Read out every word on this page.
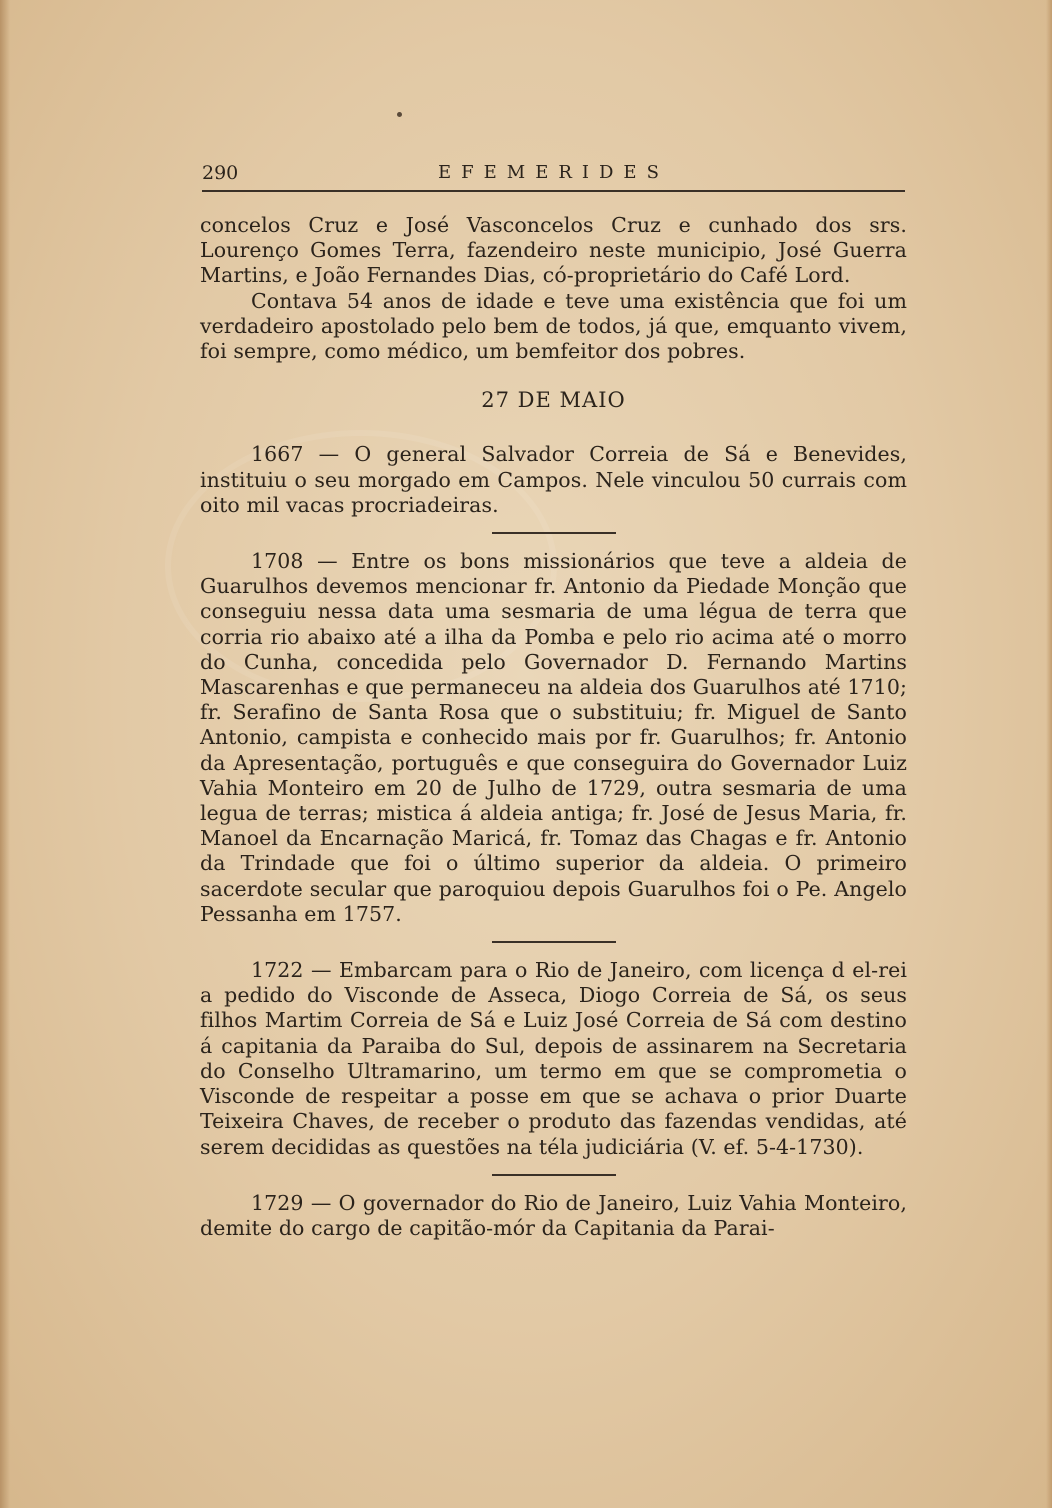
290	EFEMERIDES

concelos Cruz e José Vasconcelos Cruz e cunhado dos srs. Lourenço Gomes Terra, fazendeiro neste municipio, José Guerra Martins, e João Fernandes Dias, có-proprietário do Café Lord.

Contava 54 anos de idade e teve uma existência que foi um verdadeiro apostolado pelo bem de todos, já que, emquanto vivem, foi sempre, como médico, um bemfeitor dos pobres.

27 DE MAIO

1667 — O general Salvador Correia de Sá e Benevides, instituiu o seu morgado em Campos. Nele vinculou 50 currais com oito mil vacas procriadeiras.

1708 — Entre os bons missionários que teve a aldeia de Guarulhos devemos mencionar fr. Antonio da Piedade Monção que conseguiu nessa data uma sesmaria de uma légua de terra que corria rio abaixo até a ilha da Pomba e pelo rio acima até o morro do Cunha, concedida pelo Governador D. Fernando Martins Mascarenhas e que permaneceu na aldeia dos Guarulhos até 1710; fr. Serafino de Santa Rosa que o substituiu; fr. Miguel de Santo Antonio, campista e conhecido mais por fr. Guarulhos; fr. Antonio da Apresentação, português e que conseguira do Governador Luiz Vahia Monteiro em 20 de Julho de 1729, outra sesmaria de uma legua de terras; mistica á aldeia antiga; fr. José de Jesus Maria, fr. Manoel da Encarnação Maricá, fr. Tomaz das Chagas e fr. Antonio da Trindade que foi o último superior da aldeia. O primeiro sacerdote secular que paroquiou depois Guarulhos foi o Pe. Angelo Pessanha em 1757.

1722 — Embarcam para o Rio de Janeiro, com licença d el-rei a pedido do Visconde de Asseca, Diogo Correia de Sá, os seus filhos Martim Correia de Sá e Luiz José Correia de Sá com destino á capitania da Paraiba do Sul, depois de assinarem na Secretaria do Conselho Ultramarino, um termo em que se comprometia o Visconde de respeitar a posse em que se achava o prior Duarte Teixeira Chaves, de receber o produto das fazendas vendidas, até serem decididas as questões na téla judiciária (V. ef. 5-4-1730).

1729 — O governador do Rio de Janeiro, Luiz Vahia Monteiro, demite do cargo de capitão-mór da Capitania da Parai-
